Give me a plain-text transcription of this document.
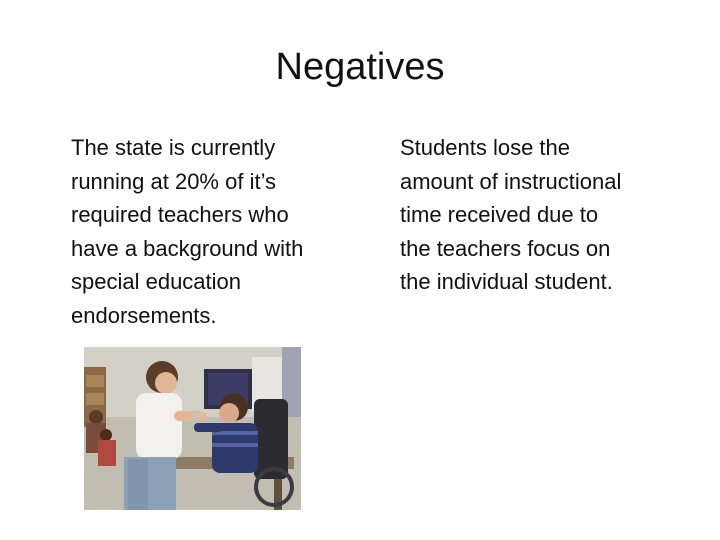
Negatives
The state is currently
running at 20% of it’s
required teachers who
have a background with
special education
endorsements.
Students lose the
amount of instructional
time received due to
the teachers focus on
the individual student.
